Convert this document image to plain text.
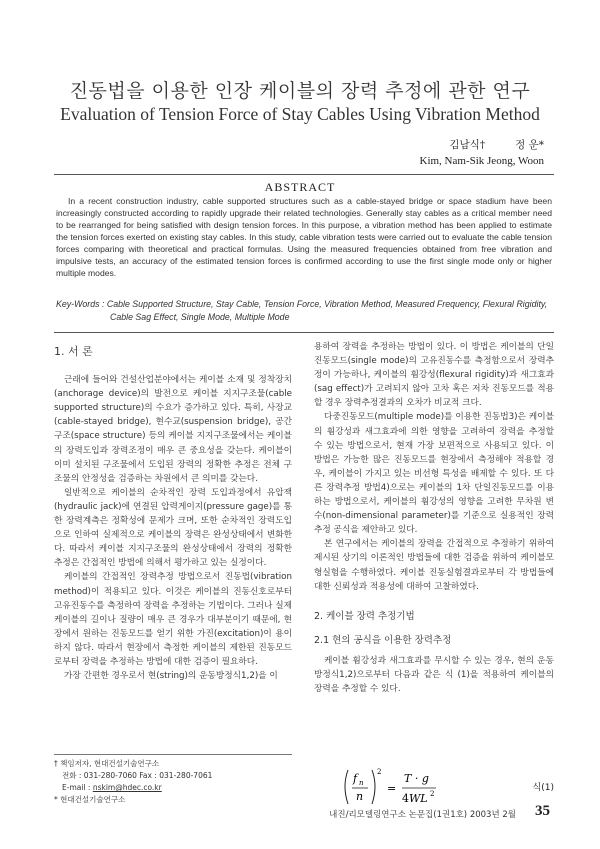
진동법을 이용한 인장 케이블의 장력 추정에 관한 연구
Evaluation of Tension Force of Stay Cables Using Vibration Method
김남식†	정 운*
Kim, Nam-Sik Jeong, Woon
ABSTRACT
In a recent construction industry, cable supported structures such as a cable-stayed bridge or space stadium have been increasingly constructed according to rapidly upgrade their related technologies. Generally stay cables as a critical member need to be rearranged for being satisfied with design tension forces. In this purpose, a vibration method has been applied to estimate the tension forces exerted on existing stay cables. In this study, cable vibration tests were carried out to evaluate the cable tension forces comparing with theoretical and practical formulas. Using the measured frequencies obtained from free vibration and impulsive tests, an accuracy of the estimated tension forces is confirmed according to use the first single mode only or higher multiple modes.
Key-Words : Cable Supported Structure, Stay Cable, Tension Force, Vibration Method, Measured Frequency, Flexural Rigidity, Cable Sag Effect, Single Mode, Multiple Mode
1. 서 론

근래에 들어와 건설산업분야에서는 케이블 소재 및 정착장치(anchorage device)의 발전으로 케이블 지지구조물(cable supported structure)의 수요가 증가하고 있다. 특히, 사장교(cable-stayed bridge), 현수교(suspension bridge), 공간구조(space structure) 등의 케이블 지지구조물에서는 케이블의 장력도입과 장력조정이 매우 큰 중요성을 갖는다. 케이블이 이미 설치된 구조물에서 도입된 장력의 정확한 추정은 전체 구조물의 안정성을 검증하는 차원에서 큰 의미를 갖는다.

일반적으로 케이블의 순차적인 장력 도입과정에서 유압잭(hydraulic jack)에 연결된 압력게이지(pressure gage)를 통한 장력계측은 정확성에 문제가 크며, 또한 순차적인 장력도입으로 인하여 실제적으로 케이블의 장력은 완성상태에서 변화한다. 따라서 케이블 지지구조물의 완성상태에서 장력의 정확한 추정은 간접적인 방법에 의해서 평가하고 있는 실정이다.

케이블의 간접적인 장력추정 방법으로서 진동법(vibration method)이 적용되고 있다. 이것은 케이블의 진동신호로부터 고유진동수를 측정하여 장력을 추정하는 기법이다. 그러나 실제 케이블의 길이나 질량이 매우 큰 경우가 대부분이기 때문에, 현장에서 원하는 진동모드를 얻기 위한 가진(excitation)이 용이하지 않다. 따라서 현장에서 측정한 케이블의 제한된 진동모드로부터 장력을 추정하는 방법에 대한 검증이 필요하다.

가장 간편한 경우로서 현(string)의 운동방정식1,2)을 이

용하여 장력을 추정하는 방법이 있다. 이 방법은 케이블의 단일진동모드(single mode)의 고유진동수를 측정함으로서 장력추정이 가능하나, 케이블의 휨강성(flexural rigidity)과 새그효과(sag effect)가 고려되지 않아 고차 혹은 저차 진동모드를 적용할 경우 장력추정결과의 오차가 비교적 크다.

다중진동모드(multiple mode)를 이용한 진동법3)은 케이블의 휨강성과 새그효과에 의한 영향을 고려하여 장력을 추정할 수 있는 방법으로서, 현재 가장 보편적으로 사용되고 있다. 이 방법은 가능한 많은 진동모드를 현장에서 측정해야 적용할 경우, 케이블이 가지고 있는 비선형 특성을 배제할 수 있다. 또 다른 장력추정 방법4)으로는 케이블의 1차 단일진동모드를 이용하는 방법으로서, 케이블의 휨강성의 영향을 고려한 무차원 변수(non-dimensional parameter)를 기준으로 실용적인 장력추정 공식을 제안하고 있다.

본 연구에서는 케이블의 장력을 간접적으로 추정하기 위하여 제시된 상기의 이론적인 방법들에 대한 검증을 위하여 케이블모형실험을 수행하였다. 케이블 진동실험결과로부터 각 방법들에 대한 신뢰성과 적용성에 대하여 고찰하였다.

2. 케이블 장력 추정기법
2.1 현의 공식을 이용한 장력추정

케이블 휨강성과 새그효과를 무시할 수 있는 경우, 현의 운동방정식1,2)으로부터 다음과 같은 식 (1)을 적용하여 케이블의 장력을 추정할 수 있다.

† 책임저자, 현대건설기술연구소
전화 : 031-280-7060 Fax : 031-280-7061
E-mail : nskim@hdec.co.kr
* 현대건설기술연구소
f n
n
2
=
T · g
4WL 2
식(1)
내진/리모델링연구소 논문집(1권1호) 2003년 2월 35
